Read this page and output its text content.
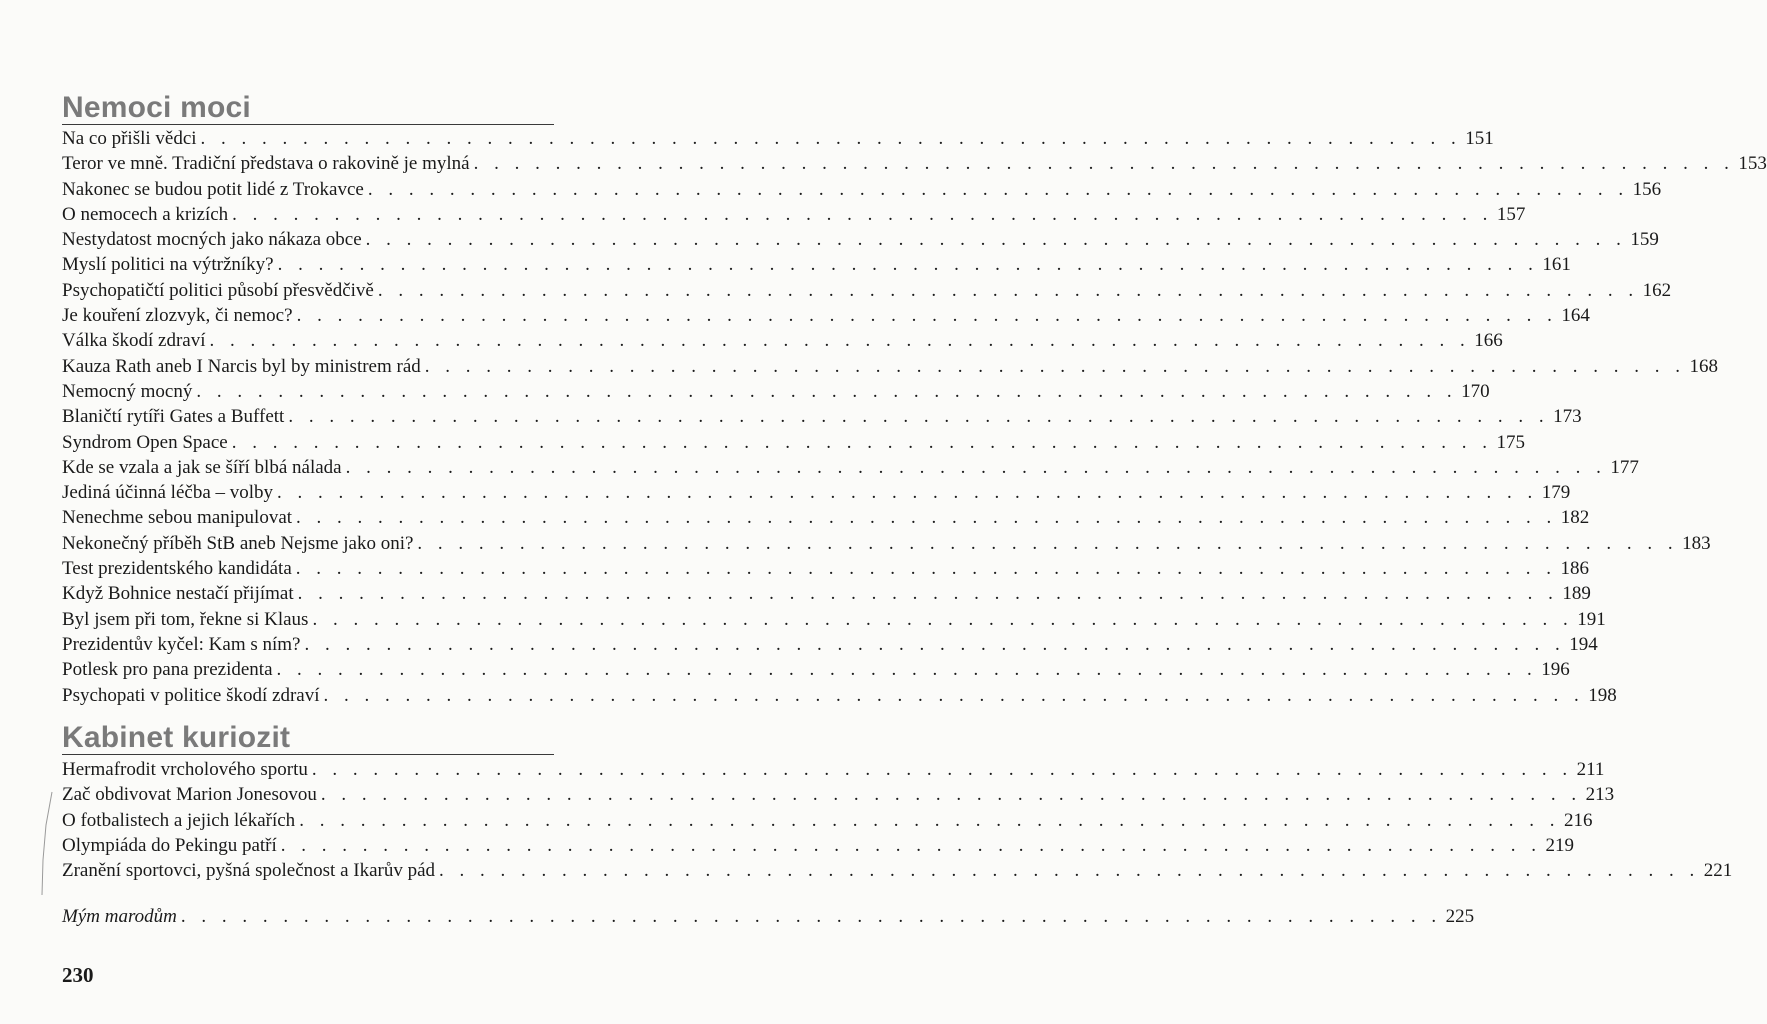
Nemoci moci
Na co přišli vědci . . . . . . . . . . . . . . . . . . . . . . . . . . . . . . . . . . . . . . . . . . . . . . . . . . . . . . . . . . . . . . 151
Teror ve mně. Tradiční představa o rakovině je mylná . . . . . . . . . . . . . . . . . . . . . . . . . . . . . . . . . . . . . . . . . . . . . . . . . . . . . . . . . . . . . . 153
Nakonec se budou potit lidé z Trokavce . . . . . . . . . . . . . . . . . . . . . . . . . . . . . . . . . . . . . . . . . . . . . . . . . . . . . . . . . . . . . . 156
O nemocech a krizích . . . . . . . . . . . . . . . . . . . . . . . . . . . . . . . . . . . . . . . . . . . . . . . . . . . . . . . . . . . . . . 157
Nestydatost mocných jako nákaza obce . . . . . . . . . . . . . . . . . . . . . . . . . . . . . . . . . . . . . . . . . . . . . . . . . . . . . . . . . . . . . . 159
Myslí politici na výtržníky? . . . . . . . . . . . . . . . . . . . . . . . . . . . . . . . . . . . . . . . . . . . . . . . . . . . . . . . . . . . . . . 161
Psychopatičtí politici působí přesvědčivě . . . . . . . . . . . . . . . . . . . . . . . . . . . . . . . . . . . . . . . . . . . . . . . . . . . . . . . . . . . . . . 162
Je kouření zlozvyk, či nemoc? . . . . . . . . . . . . . . . . . . . . . . . . . . . . . . . . . . . . . . . . . . . . . . . . . . . . . . . . . . . . . . 164
Válka škodí zdraví . . . . . . . . . . . . . . . . . . . . . . . . . . . . . . . . . . . . . . . . . . . . . . . . . . . . . . . . . . . . . . 166
Kauza Rath aneb I Narcis byl by ministrem rád . . . . . . . . . . . . . . . . . . . . . . . . . . . . . . . . . . . . . . . . . . . . . . . . . . . . . . . . . . . . . . 168
Nemocný mocný . . . . . . . . . . . . . . . . . . . . . . . . . . . . . . . . . . . . . . . . . . . . . . . . . . . . . . . . . . . . . . 170
Blaničtí rytíři Gates a Buffett . . . . . . . . . . . . . . . . . . . . . . . . . . . . . . . . . . . . . . . . . . . . . . . . . . . . . . . . . . . . . . 173
Syndrom Open Space . . . . . . . . . . . . . . . . . . . . . . . . . . . . . . . . . . . . . . . . . . . . . . . . . . . . . . . . . . . . . . 175
Kde se vzala a jak se šíří blbá nálada . . . . . . . . . . . . . . . . . . . . . . . . . . . . . . . . . . . . . . . . . . . . . . . . . . . . . . . . . . . . . . 177
Jediná účinná léčba – volby . . . . . . . . . . . . . . . . . . . . . . . . . . . . . . . . . . . . . . . . . . . . . . . . . . . . . . . . . . . . . . 179
Nenechme sebou manipulovat . . . . . . . . . . . . . . . . . . . . . . . . . . . . . . . . . . . . . . . . . . . . . . . . . . . . . . . . . . . . . . 182
Nekonečný příběh StB aneb Nejsme jako oni? . . . . . . . . . . . . . . . . . . . . . . . . . . . . . . . . . . . . . . . . . . . . . . . . . . . . . . . . . . . . . . 183
Test prezidentského kandidáta . . . . . . . . . . . . . . . . . . . . . . . . . . . . . . . . . . . . . . . . . . . . . . . . . . . . . . . . . . . . . . 186
Když Bohnice nestačí přijímat . . . . . . . . . . . . . . . . . . . . . . . . . . . . . . . . . . . . . . . . . . . . . . . . . . . . . . . . . . . . . . 189
Byl jsem při tom, řekne si Klaus . . . . . . . . . . . . . . . . . . . . . . . . . . . . . . . . . . . . . . . . . . . . . . . . . . . . . . . . . . . . . . 191
Prezidentův kyčel: Kam s ním? . . . . . . . . . . . . . . . . . . . . . . . . . . . . . . . . . . . . . . . . . . . . . . . . . . . . . . . . . . . . . . 194
Potlesk pro pana prezidenta . . . . . . . . . . . . . . . . . . . . . . . . . . . . . . . . . . . . . . . . . . . . . . . . . . . . . . . . . . . . . . 196
Psychopati v politice škodí zdraví . . . . . . . . . . . . . . . . . . . . . . . . . . . . . . . . . . . . . . . . . . . . . . . . . . . . . . . . . . . . . . 198
Kabinet kuriozit
Hermafrodit vrcholového sportu . . . . . . . . . . . . . . . . . . . . . . . . . . . . . . . . . . . . . . . . . . . . . . . . . . . . . . . . . . . . . . 211
Zač obdivovat Marion Jonesovou . . . . . . . . . . . . . . . . . . . . . . . . . . . . . . . . . . . . . . . . . . . . . . . . . . . . . . . . . . . . . . 213
O fotbalistech a jejich lékařích . . . . . . . . . . . . . . . . . . . . . . . . . . . . . . . . . . . . . . . . . . . . . . . . . . . . . . . . . . . . . . 216
Olympiáda do Pekingu patří . . . . . . . . . . . . . . . . . . . . . . . . . . . . . . . . . . . . . . . . . . . . . . . . . . . . . . . . . . . . . . 219
Zranění sportovci, pyšná společnost a Ikarův pád . . . . . . . . . . . . . . . . . . . . . . . . . . . . . . . . . . . . . . . . . . . . . . . . . . . . . . . . . . . . . . 221
Mým marodům . . . . . . . . . . . . . . . . . . . . . . . . . . . . . . . . . . . . . . . . . . . . . . . . . . . . . . . . . . . . . . 225
230
